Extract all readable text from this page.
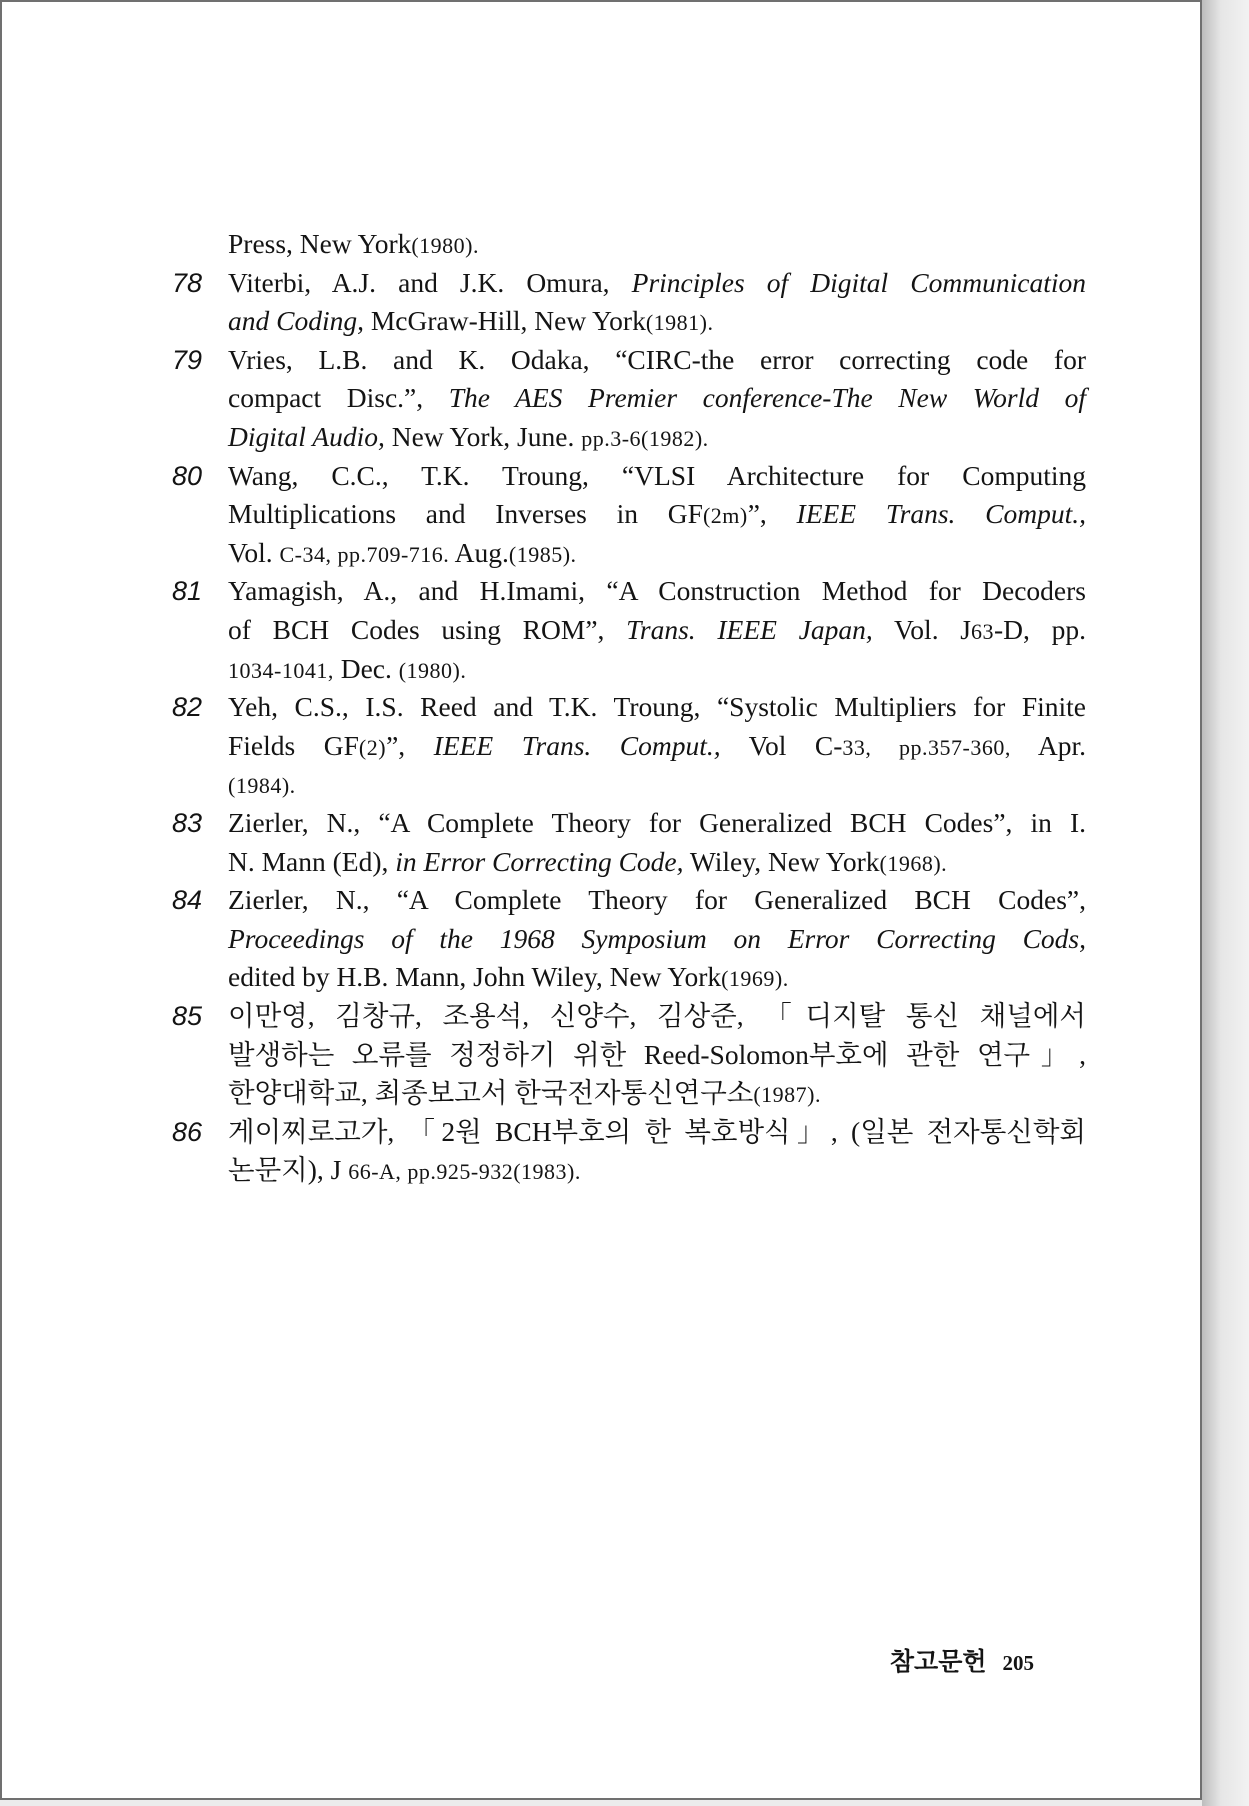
Press, New York(1980).
78 Viterbi, A.J. and J.K. Omura, Principles of Digital Communication
and Coding, McGraw-Hill, New York(1981).
79 Vries, L.B. and K. Odaka, “CIRC-the error correcting code for
compact Disc.”, The AES Premier conference-The New World of
Digital Audio, New York, June. pp.3-6(1982).
80 Wang, C.C., T.K. Troung, “VLSI Architecture for Computing
Multiplications and Inverses in GF(2m)”, IEEE Trans. Comput.,
Vol. C-34, pp.709-716. Aug.(1985).
81 Yamagish, A., and H.Imami, “A Construction Method for Decoders
of BCH Codes using ROM”, Trans. IEEE Japan, Vol. J63-D, pp.
1034-1041, Dec. (1980).
82 Yeh, C.S., I.S. Reed and T.K. Troung, “Systolic Multipliers for Finite
Fields GF(2)”, IEEE Trans. Comput., Vol C-33, pp.357-360, Apr.
(1984).
83 Zierler, N., “A Complete Theory for Generalized BCH Codes”, in I.
N. Mann (Ed), in Error Correcting Code, Wiley, New York(1968).
84 Zierler, N., “A Complete Theory for Generalized BCH Codes”,
Proceedings of the 1968 Symposium on Error Correcting Cods,
edited by H.B. Mann, John Wiley, New York(1969).
85 이만영, 김창규, 조용석, 신양수, 김상준, 「디지탈 통신 채널에서
발생하는 오류를 정정하기 위한 Reed-Solomon부호에 관한 연구」,
한양대학교, 최종보고서 한국전자통신연구소(1987).
86 게이찌로고가, 「2원 BCH부호의 한 복호방식」, (일본 전자통신학회
논문지), J 66-A, pp.925-932(1983).
참고문헌 205
